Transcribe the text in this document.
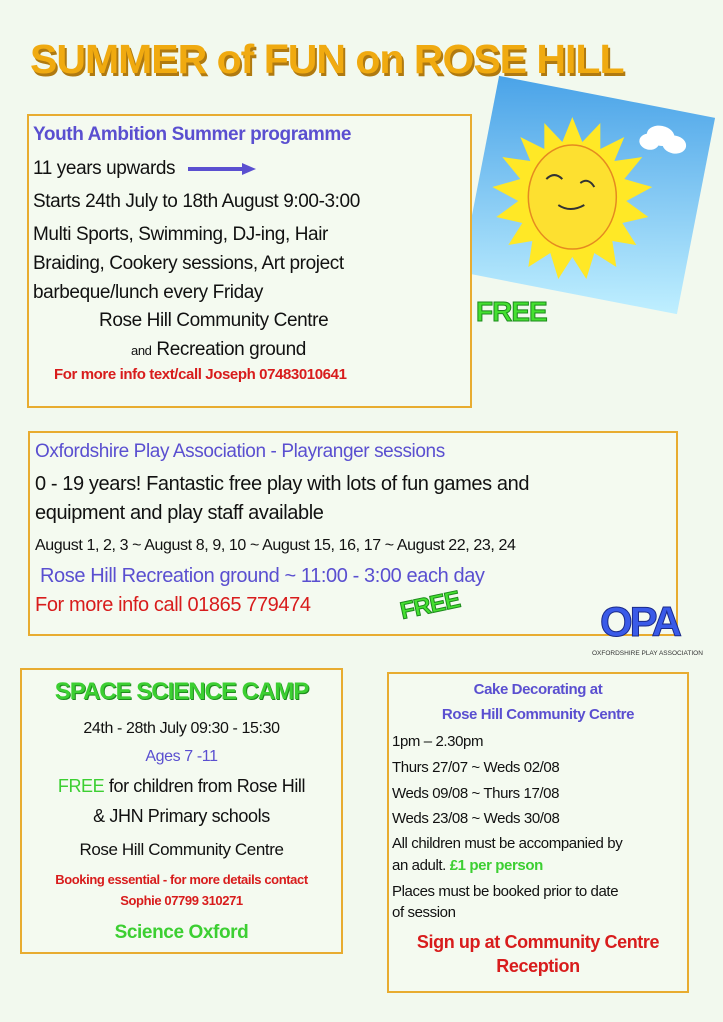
SUMMER of FUN on ROSE HILL
FREE
Youth Ambition Summer programme
11 years upwards
Starts 24th July to 18th August 9:00-3:00
Multi Sports, Swimming, DJ-ing, Hair
Braiding, Cookery sessions, Art project
barbeque/lunch every Friday
Rose Hill Community Centre
and Recreation ground
For more info text/call Joseph 07483010641
Oxfordshire Play Association - Playranger sessions
0 - 19 years! Fantastic free play with lots of fun games and
equipment and play staff available
August 1, 2, 3 ~ August 8, 9, 10 ~ August 15, 16, 17 ~ August 22, 23, 24
Rose Hill Recreation ground ~ 11:00 - 3:00 each day
For more info call 01865 779474	FREE	OPA
OXFORDSHIRE PLAY ASSOCIATION
SPACE SCIENCE CAMP
24th - 28th July 09:30 - 15:30
Ages 7 -11
FREE for children from Rose Hill
& JHN Primary schools
Rose Hill Community Centre
Booking essential - for more details contact
Sophie 07799 310271
Science Oxford
Cake Decorating at
Rose Hill Community Centre
1pm – 2.30pm
Thurs 27/07 ~ Weds 02/08
Weds 09/08 ~ Thurs 17/08
Weds 23/08 ~ Weds 30/08
All children must be accompanied by
an adult. £1 per person
Places must be booked prior to date
of session
Sign up at Community Centre
Reception
